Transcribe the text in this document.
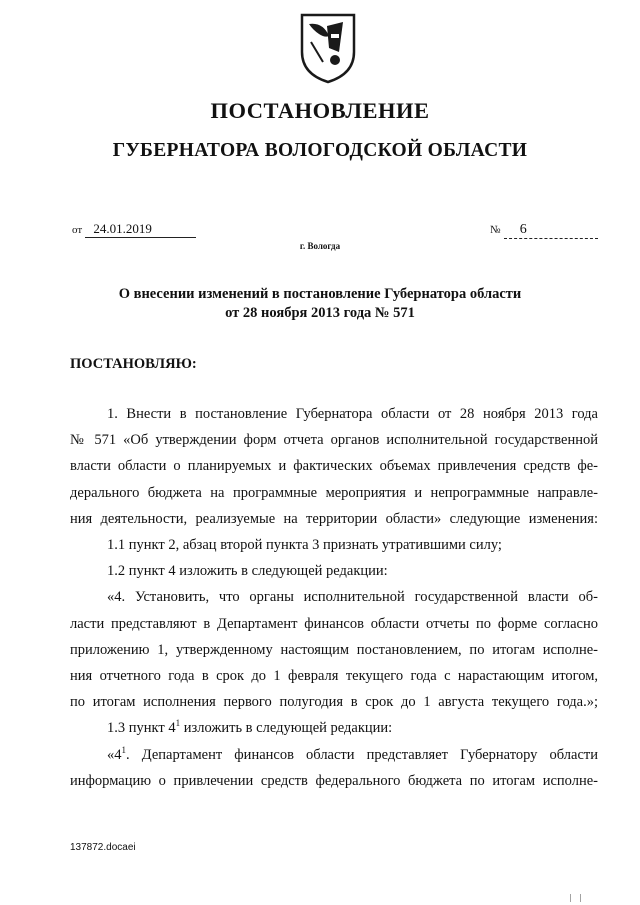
ПОСТАНОВЛЕНИЕ
ГУБЕРНАТОРА ВОЛОГОДСКОЙ ОБЛАСТИ
от 24.01.2019	№ 6
г. Вологда
О внесении изменений в постановление Губернатора области
от 28 ноября 2013 года № 571
ПОСТАНОВЛЯЮ:

1. Внести в постановление Губернатора области от 28 ноября 2013 года

№ 571 «Об утверждении форм отчета органов исполнительной государственной

власти области о планируемых и фактических объемах привлечения средств фе-

дерального бюджета на программные мероприятия и непрограммные направле-

ния деятельности, реализуемые на территории области» следующие изменения:

1.1 пункт 2, абзац второй пункта 3 признать утратившими силу;

1.2 пункт 4 изложить в следующей редакции:

«4. Установить, что органы исполнительной государственной власти об-

ласти представляют в Департамент финансов области отчеты по форме согласно

приложению 1, утвержденному настоящим постановлением, по итогам исполне-

ния отчетного года в срок до 1 февраля текущего года с нарастающим итогом,

по итогам исполнения первого полугодия в срок до 1 августа текущего года.»;

1.3 пункт $4^1$ изложить в следующей редакции:

«$4^1$. Департамент финансов области представляет Губернатору области

информацию о привлечении средств федерального бюджета по итогам исполне-

137872.docaei
| |
